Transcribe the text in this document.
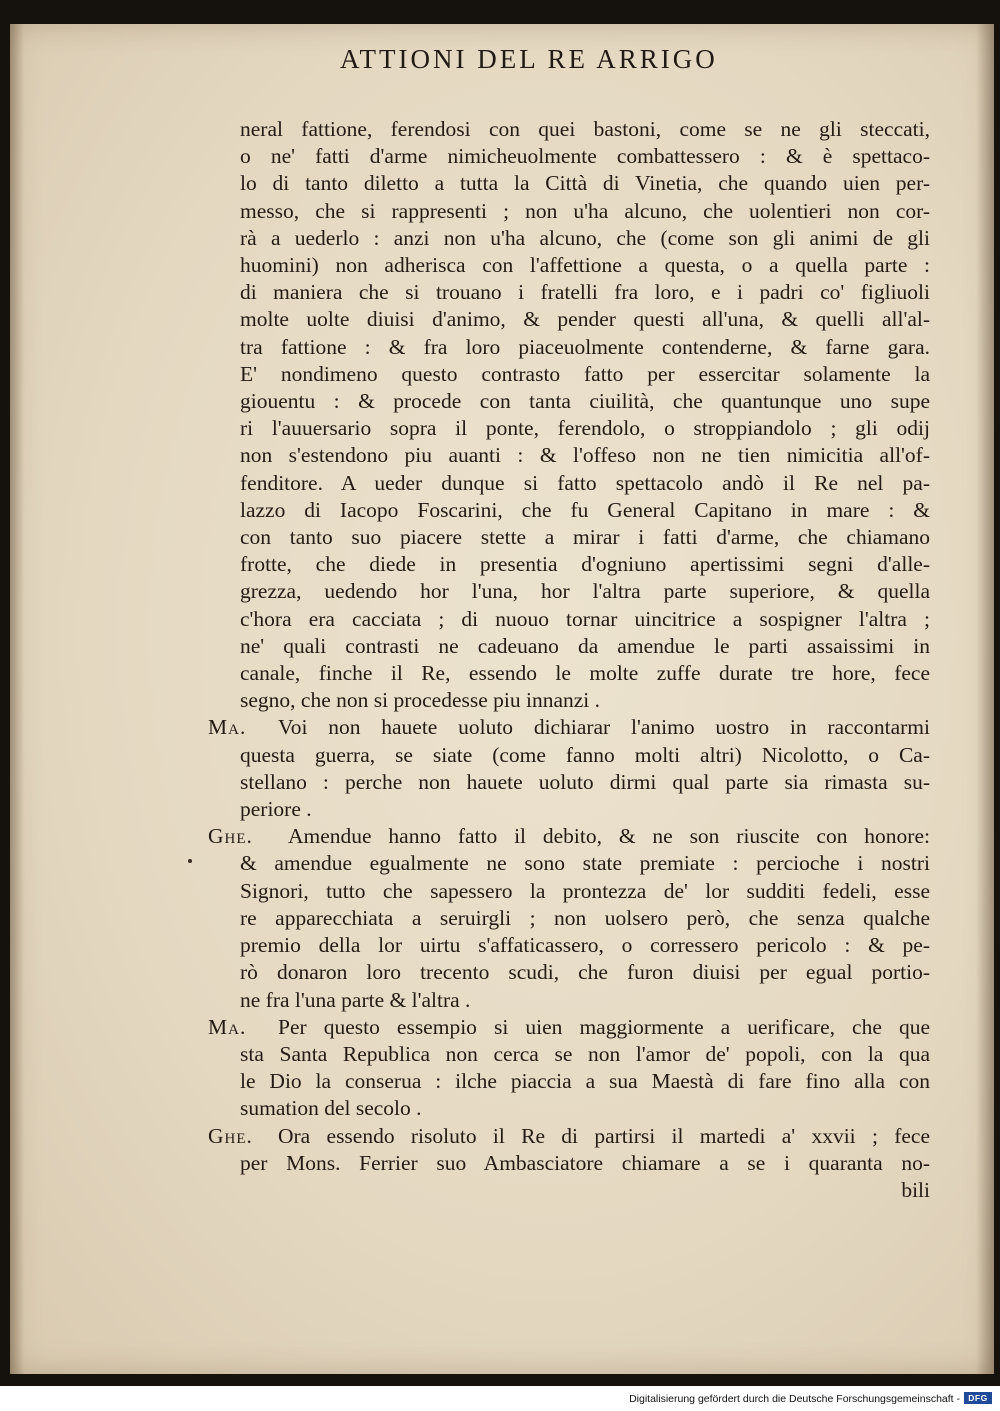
ATTIONI DEL RE ARRIGO
neral fattione, ferendosi con quei bastoni, come se ne gli steccati,
o ne' fatti d'arme nimicheuolmente combattessero : & è spettaco-
lo di tanto diletto a tutta la Città di Vinetia, che quando uien per-
messo, che si rappresenti ; non u'ha alcuno, che uolentieri non cor-
rà a uederlo : anzi non u'ha alcuno, che (come son gli animi de gli
huomini) non adherisca con l'affettione a questa, o a quella parte :
di maniera che si trouano i fratelli fra loro, e i padri co' figliuoli
molte uolte diuisi d'animo, & pender questi all'una, & quelli all'al-
tra fattione : & fra loro piaceuolmente contenderne, & farne gara.
E' nondimeno questo contrasto fatto per essercitar solamente la
giouentu : & procede con tanta ciuilità, che quantunque uno supe
ri l'auuersario sopra il ponte, ferendolo, o stroppiandolo ; gli odij
non s'estendono piu auanti : & l'offeso non ne tien nimicitia all'of-
fenditore. A ueder dunque si fatto spettacolo andò il Re nel pa-
lazzo di Iacopo Foscarini, che fu General Capitano in mare : &
con tanto suo piacere stette a mirar i fatti d'arme, che chiamano
frotte, che diede in presentia d'ogniuno apertissimi segni d'alle-
grezza, uedendo hor l'una, hor l'altra parte superiore, & quella
c'hora era cacciata ; di nuouo tornar uincitrice a sospigner l'altra ;
ne' quali contrasti ne cadeuano da amendue le parti assaissimi in
canale, finche il Re, essendo le molte zuffe durate tre hore, fece
segno, che non si procedesse piu innanzi .
Ma.	Voi non hauete uoluto dichiarar l'animo uostro in raccontarmi
questa guerra, se siate (come fanno molti altri) Nicolotto, o Ca-
stellano : perche non hauete uoluto dirmi qual parte sia rimasta su-
periore .
Ghe.	Amendue hanno fatto il debito, & ne son riuscite con honore:
& amendue egualmente ne sono state premiate : percioche i nostri
Signori, tutto che sapessero la prontezza de' lor sudditi fedeli, esse
re apparecchiata a seruirgli ; non uolsero però, che senza qualche
premio della lor uirtu s'affaticassero, o corressero pericolo : & pe-
rò donaron loro trecento scudi, che furon diuisi per egual portio-
ne fra l'una parte & l'altra .
Ma.	Per questo essempio si uien maggiormente a uerificare, che que
sta Santa Republica non cerca se non l'amor de' popoli, con la qua
le Dio la conserua : ilche piaccia a sua Maestà di fare fino alla con
sumation del secolo .
Ghe.	Ora essendo risoluto il Re di partirsi il martedi a' xxvii ; fece
per Mons. Ferrier suo Ambasciatore chiamare a se i quaranta no-
bili
Digitalisierung gefördert durch die Deutsche Forschungsgemeinschaft - DFG
